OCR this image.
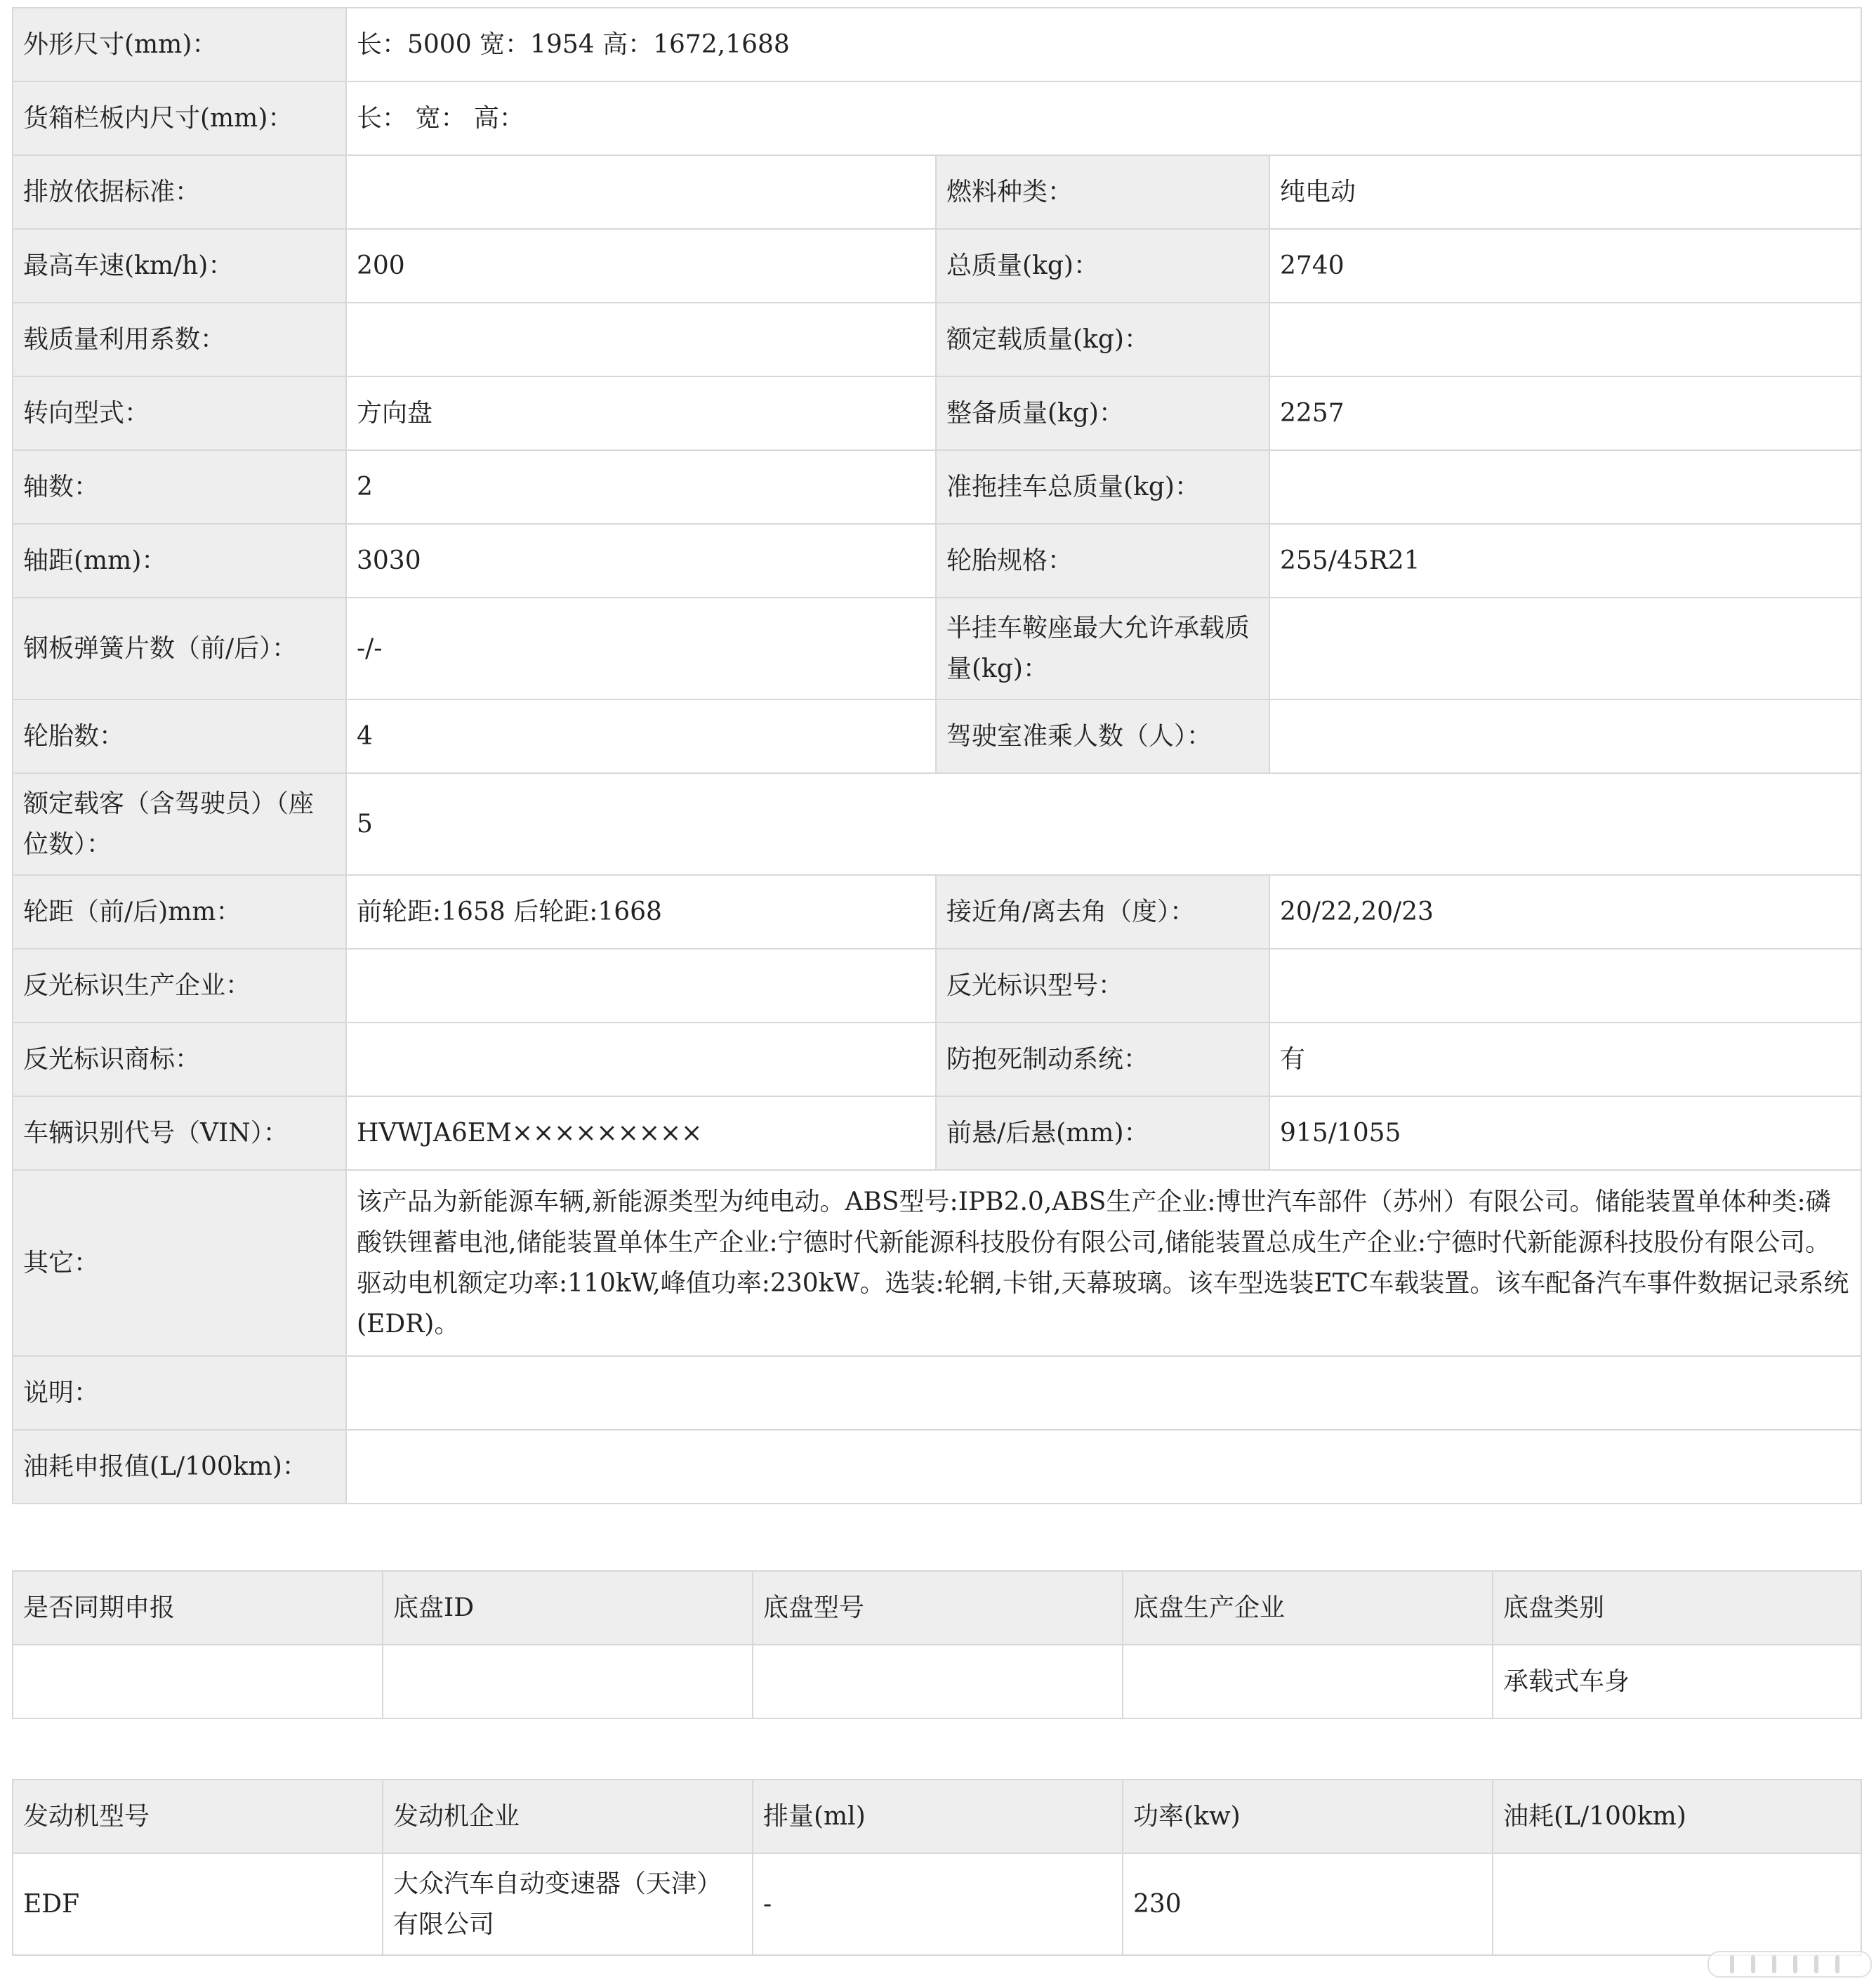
外形尺寸(mm)：	长：5000 宽：1954 高：1672,1688		
货箱栏板内尺寸(mm)：	长： 宽： 高：		
排放依据标准：		燃料种类：	纯电动
最高车速(km/h)：	200	总质量(kg)：	2740
载质量利用系数：		额定载质量(kg)：	
转向型式：	方向盘	整备质量(kg)：	2257
轴数：	2	准拖挂车总质量(kg)：	
轴距(mm)：	3030	轮胎规格：	255/45R21
钢板弹簧片数（前/后）：	-/-	半挂车鞍座最大允许承载质量(kg)：	
轮胎数：	4	驾驶室准乘人数（人）：	
额定载客（含驾驶员）（座位数）：	5		
轮距（前/后)mm：	前轮距:1658 后轮距:1668	接近角/离去角（度）：	20/22,20/23
反光标识生产企业：		反光标识型号：	
反光标识商标：		防抱死制动系统：	有
车辆识别代号（VIN）：	HVWJA6EM×××××××××	前悬/后悬(mm)：	915/1055
其它：	该产品为新能源车辆,新能源类型为纯电动。ABS型号:IPB2.0,ABS生产企业:博世汽车部件（苏州）有限公司。储能装置单体种类:磷酸铁锂蓄电池,储能装置单体生产企业:宁德时代新能源科技股份有限公司,储能装置总成生产企业:宁德时代新能源科技股份有限公司。驱动电机额定功率:110kW,峰值功率:230kW。选装:轮辋,卡钳,天幕玻璃。该车型选装ETC车载装置。该车配备汽车事件数据记录系统(EDR)。		
说明：			
油耗申报值(L/100km)：			
是否同期申报	底盘ID	底盘型号	底盘生产企业	底盘类别
				承载式车身
发动机型号	发动机企业	排量(ml)	功率(kw)	油耗(L/100km)
EDF	大众汽车自动变速器（天津）有限公司	-	230	
